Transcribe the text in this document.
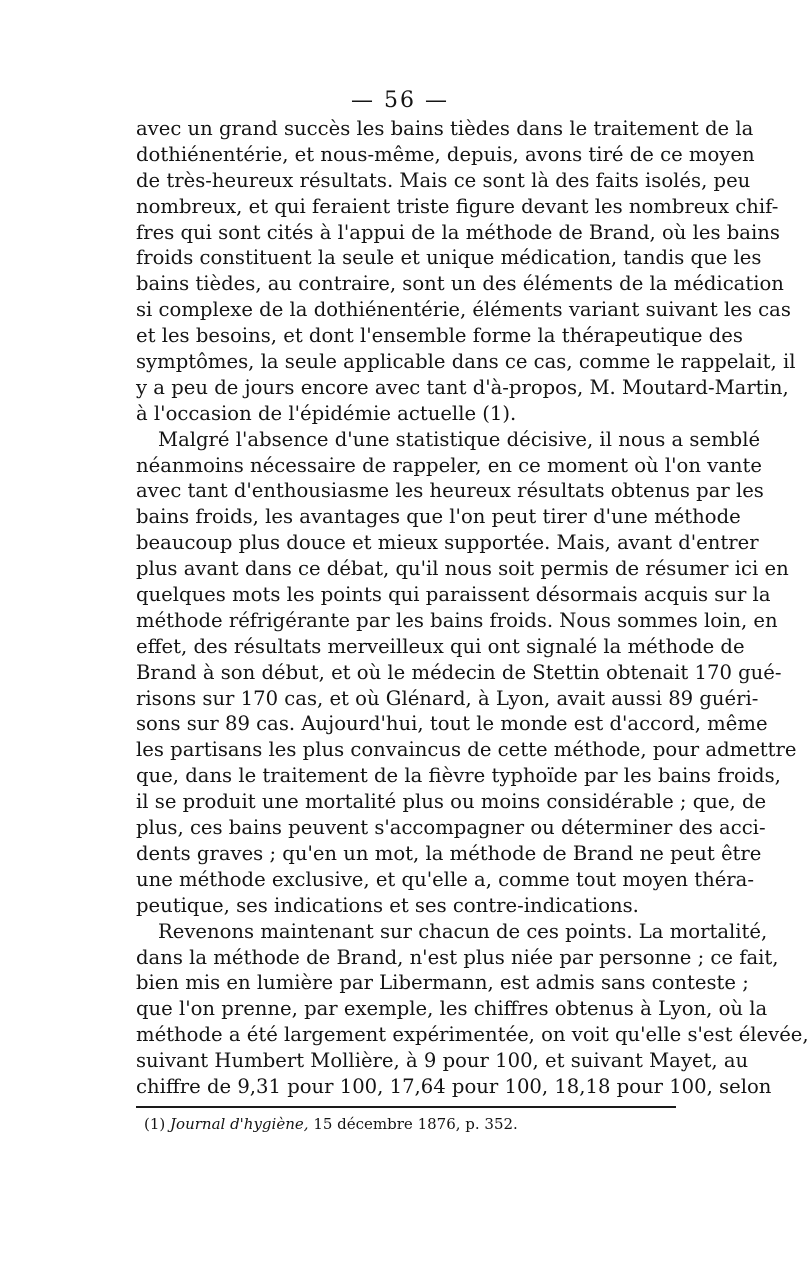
— 56 —
avec un grand succès les bains tièdes dans le traitement de la
dothiénentérie, et nous-même, depuis, avons tiré de ce moyen
de très-heureux résultats. Mais ce sont là des faits isolés, peu
nombreux, et qui feraient triste figure devant les nombreux chif-
fres qui sont cités à l'appui de la méthode de Brand, où les bains
froids constituent la seule et unique médication, tandis que les
bains tièdes, au contraire, sont un des éléments de la médication
si complexe de la dothiénentérie, éléments variant suivant les cas
et les besoins, et dont l'ensemble forme la thérapeutique des
symptômes, la seule applicable dans ce cas, comme le rappelait, il
y a peu de jours encore avec tant d'à-propos, M. Moutard-Martin,
à l'occasion de l'épidémie actuelle (1).
Malgré l'absence d'une statistique décisive, il nous a semblé
néanmoins nécessaire de rappeler, en ce moment où l'on vante
avec tant d'enthousiasme les heureux résultats obtenus par les
bains froids, les avantages que l'on peut tirer d'une méthode
beaucoup plus douce et mieux supportée. Mais, avant d'entrer
plus avant dans ce débat, qu'il nous soit permis de résumer ici en
quelques mots les points qui paraissent désormais acquis sur la
méthode réfrigérante par les bains froids. Nous sommes loin, en
effet, des résultats merveilleux qui ont signalé la méthode de
Brand à son début, et où le médecin de Stettin obtenait 170 gué-
risons sur 170 cas, et où Glénard, à Lyon, avait aussi 89 guéri-
sons sur 89 cas. Aujourd'hui, tout le monde est d'accord, même
les partisans les plus convaincus de cette méthode, pour admettre
que, dans le traitement de la fièvre typhoïde par les bains froids,
il se produit une mortalité plus ou moins considérable ; que, de
plus, ces bains peuvent s'accompagner ou déterminer des acci-
dents graves ; qu'en un mot, la méthode de Brand ne peut être
une méthode exclusive, et qu'elle a, comme tout moyen théra-
peutique, ses indications et ses contre-indications.
Revenons maintenant sur chacun de ces points. La mortalité,
dans la méthode de Brand, n'est plus niée par personne ; ce fait,
bien mis en lumière par Libermann, est admis sans conteste ;
que l'on prenne, par exemple, les chiffres obtenus à Lyon, où la
méthode a été largement expérimentée, on voit qu'elle s'est élevée,
suivant Humbert Mollière, à 9 pour 100, et suivant Mayet, au
chiffre de 9,31 pour 100, 17,64 pour 100, 18,18 pour 100, selon
(1) Journal d'hygiène, 15 décembre 1876, p. 352.
